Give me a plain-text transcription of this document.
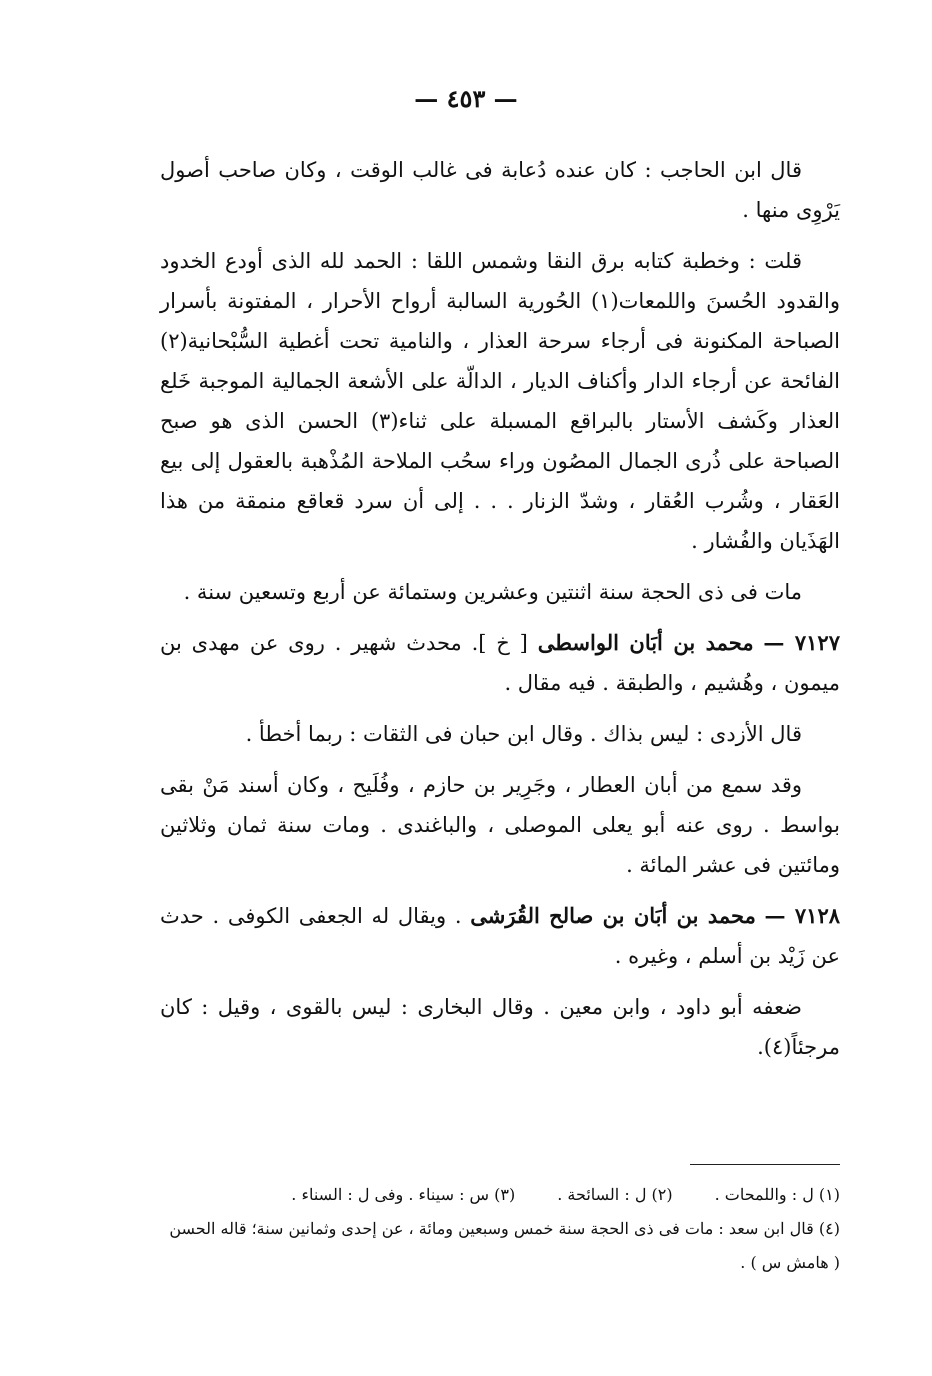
— ٤٥٣ —

قال ابن الحاجب : كان عنده دُعابة فى غالب الوقت ، وكان صاحب أصول يَرْوِى منها .

قلت : وخطبة كتابه برق النقا وشمس اللقا : الحمد لله الذى أودع الخدود والقدود الحُسنَ واللمعات(١) الحُورية السالبة أرواح الأحرار ، المفتونة بأسرار الصباحة المكنونة فى أرجاء سرحة العذار ، والنامية تحت أغطية السُّبْحانية(٢) الفائحة عن أرجاء الدار وأكناف الديار ، الدالّة على الأشعة الجمالية الموجبة خَلع العذار وكَشف الأستار بالبراقع المسبلة على ثناء(٣) الحسن الذى هو صبح الصباحة على ذُرى الجمال المصُون وراء سحُب الملاحة المُذْهبة بالعقول إلى بيع العَقار ، وشُرب العُقار ، وشدّ الزنار . . . إلى أن سرد قعاقع منمقة من هذا الهَذَيان والفُشار .

مات فى ذى الحجة سنة اثنتين وعشرين وستمائة عن أربع وتسعين سنة .

٧١٢٧ — محمد بن أبَان الواسطى [ خ ]. محدث شهير . روى عن مهدى بن ميمون ، وهُشيم ، والطبقة . فيه مقال .

قال الأزدى : ليس بذاك . وقال ابن حبان فى الثقات : ربما أخطأ .

وقد سمع من أبان العطار ، وجَرِير بن حازم ، وفُلَيح ، وكان أسند مَنْ بقى بواسط . روى عنه أبو يعلى الموصلى ، والباغندى . ومات سنة ثمان وثلاثين ومائتين فى عشر المائة .

٧١٢٨ — محمد بن أبَان بن صالح القُرَشى . ويقال له الجعفى الكوفى . حدث عن زَيْد بن أسلم ، وغيره .

ضعفه أبو داود ، وابن معين . وقال البخارى : ليس بالقوى ، وقيل : كان مرجئاً(٤).

(١) ل : واللمحات .
(٢) ل : السائحة .
(٣) س : سيناء . وفى ل : السناء .
(٤) قال ابن سعد : مات فى ذى الحجة سنة خمس وسبعين ومائة ، عن إحدى وثمانين سنة؛ قاله الحسن ( هامش س ) .
